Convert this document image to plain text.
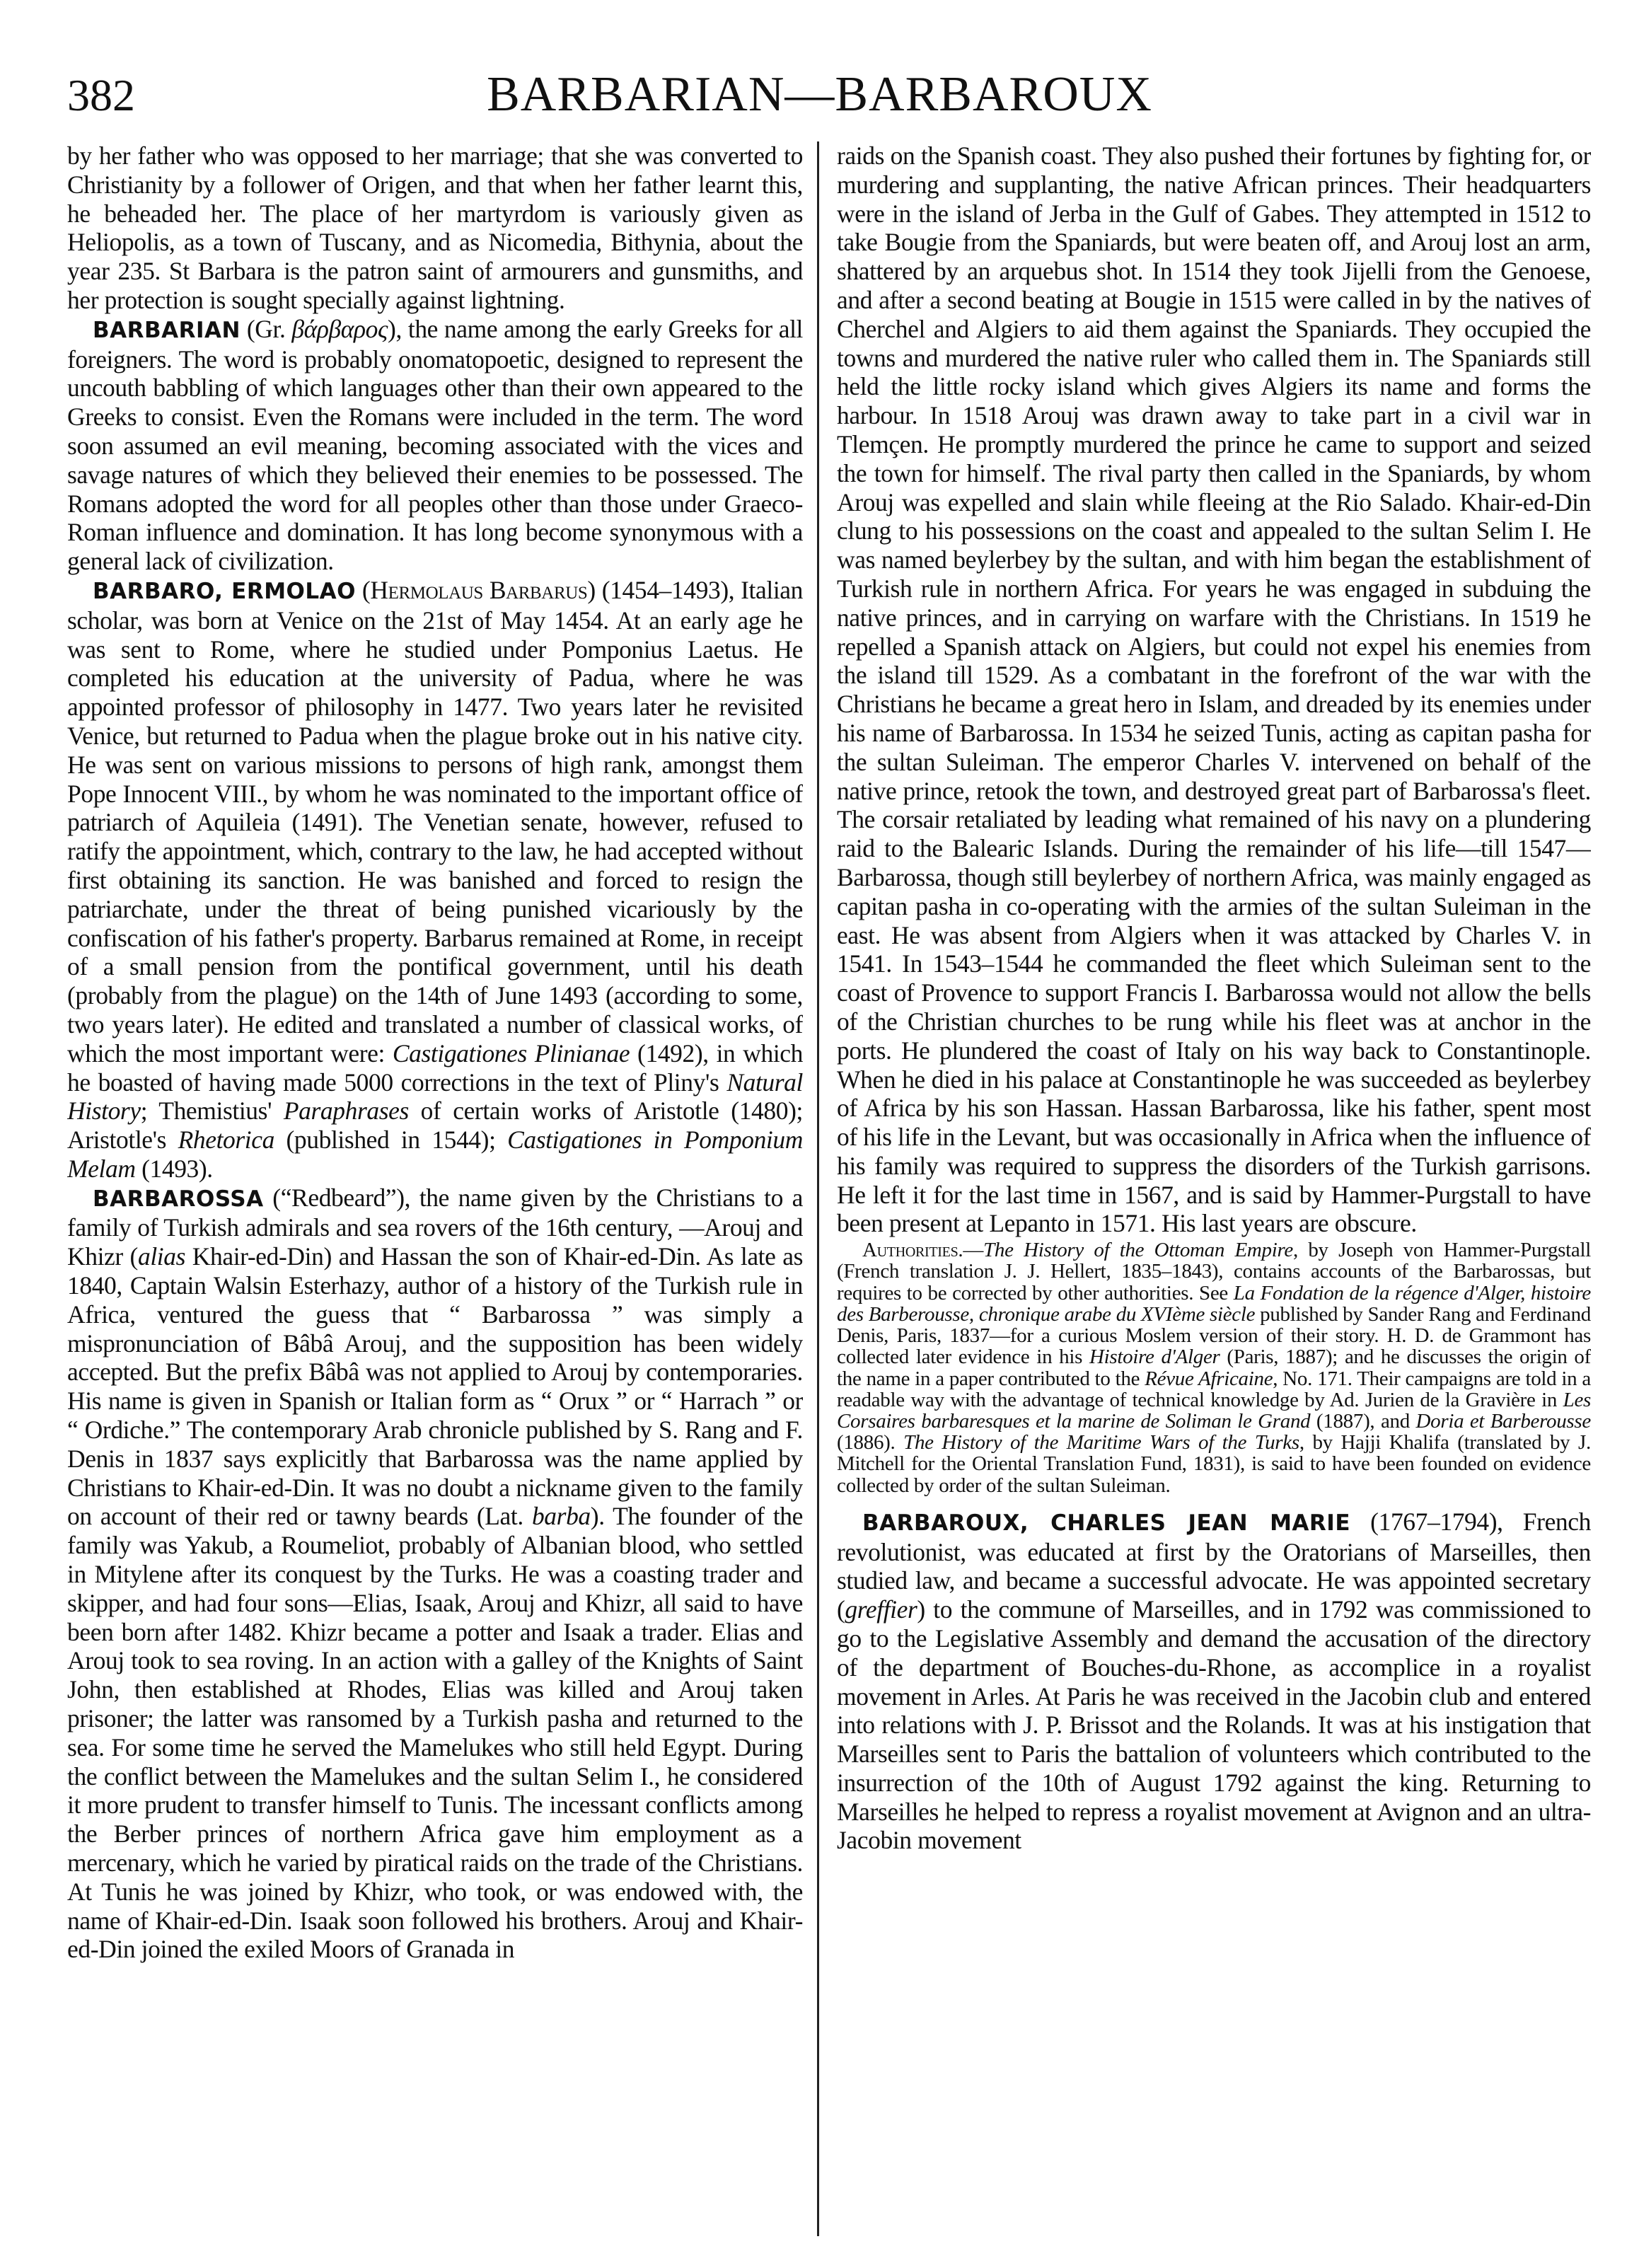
382	BARBARIAN—BARBAROUX

by her father who was opposed to her marriage; that she was converted to Christianity by a follower of Origen, and that when her father learnt this, he beheaded her. The place of her martyrdom is variously given as Heliopolis, as a town of Tuscany, and as Nicomedia, Bithynia, about the year 235. St Barbara is the patron saint of armourers and gunsmiths, and her protection is sought specially against lightning.

BARBARIAN (Gr. βάρβαρος), the name among the early Greeks for all foreigners. The word is probably onomatopoetic, designed to represent the uncouth babbling of which languages other than their own appeared to the Greeks to consist. Even the Romans were included in the term. The word soon assumed an evil meaning, becoming associated with the vices and savage natures of which they believed their enemies to be possessed. The Romans adopted the word for all peoples other than those under Graeco-Roman influence and domination. It has long become synonymous with a general lack of civilization.

BARBARO, ERMOLAO (Hermolaus Barbarus) (1454–1493), Italian scholar, was born at Venice on the 21st of May 1454. At an early age he was sent to Rome, where he studied under Pomponius Laetus. He completed his education at the university of Padua, where he was appointed professor of philosophy in 1477. Two years later he revisited Venice, but returned to Padua when the plague broke out in his native city. He was sent on various missions to persons of high rank, amongst them Pope Innocent VIII., by whom he was nominated to the important office of patriarch of Aquileia (1491). The Venetian senate, however, refused to ratify the appointment, which, contrary to the law, he had accepted without first obtaining its sanction. He was banished and forced to resign the patriarchate, under the threat of being punished vicariously by the confiscation of his father's property. Barbarus remained at Rome, in receipt of a small pension from the pontifical government, until his death (probably from the plague) on the 14th of June 1493 (according to some, two years later). He edited and translated a number of classical works, of which the most important were: Castigationes Plinianae (1492), in which he boasted of having made 5000 corrections in the text of Pliny's Natural History; Themistius' Paraphrases of certain works of Aristotle (1480); Aristotle's Rhetorica (published in 1544); Castigationes in Pomponium Melam (1493).

BARBAROSSA (“Redbeard”), the name given by the Christians to a family of Turkish admirals and sea rovers of the 16th century, —Arouj and Khizr (alias Khair-ed-Din) and Hassan the son of Khair-ed-Din. As late as 1840, Captain Walsin Esterhazy, author of a history of the Turkish rule in Africa, ventured the guess that “ Barbarossa ” was simply a mispronunciation of Bâbâ Arouj, and the supposition has been widely accepted. But the prefix Bâbâ was not applied to Arouj by contemporaries. His name is given in Spanish or Italian form as “ Orux ” or “ Harrach ” or “ Ordiche.” The contemporary Arab chronicle published by S. Rang and F. Denis in 1837 says explicitly that Barbarossa was the name applied by Christians to Khair-ed-Din. It was no doubt a nickname given to the family on account of their red or tawny beards (Lat. barba). The founder of the family was Yakub, a Roumeliot, probably of Albanian blood, who settled in Mitylene after its conquest by the Turks. He was a coasting trader and skipper, and had four sons—Elias, Isaak, Arouj and Khizr, all said to have been born after 1482. Khizr became a potter and Isaak a trader. Elias and Arouj took to sea roving. In an action with a galley of the Knights of Saint John, then established at Rhodes, Elias was killed and Arouj taken prisoner; the latter was ransomed by a Turkish pasha and returned to the sea. For some time he served the Mamelukes who still held Egypt. During the conflict between the Mamelukes and the sultan Selim I., he considered it more prudent to transfer himself to Tunis. The incessant conflicts among the Berber princes of northern Africa gave him employment as a mercenary, which he varied by piratical raids on the trade of the Christians. At Tunis he was joined by Khizr, who took, or was endowed with, the name of Khair-ed-Din. Isaak soon followed his brothers. Arouj and Khair-ed-Din joined the exiled Moors of Granada in

raids on the Spanish coast. They also pushed their fortunes by fighting for, or murdering and supplanting, the native African princes. Their headquarters were in the island of Jerba in the Gulf of Gabes. They attempted in 1512 to take Bougie from the Spaniards, but were beaten off, and Arouj lost an arm, shattered by an arquebus shot. In 1514 they took Jijelli from the Genoese, and after a second beating at Bougie in 1515 were called in by the natives of Cherchel and Algiers to aid them against the Spaniards. They occupied the towns and murdered the native ruler who called them in. The Spaniards still held the little rocky island which gives Algiers its name and forms the harbour. In 1518 Arouj was drawn away to take part in a civil war in Tlemçen. He promptly murdered the prince he came to support and seized the town for himself. The rival party then called in the Spaniards, by whom Arouj was expelled and slain while fleeing at the Rio Salado. Khair-ed-Din clung to his possessions on the coast and appealed to the sultan Selim I. He was named beylerbey by the sultan, and with him began the establishment of Turkish rule in northern Africa. For years he was engaged in subduing the native princes, and in carrying on warfare with the Christians. In 1519 he repelled a Spanish attack on Algiers, but could not expel his enemies from the island till 1529. As a combatant in the forefront of the war with the Christians he became a great hero in Islam, and dreaded by its enemies under his name of Barbarossa. In 1534 he seized Tunis, acting as capitan pasha for the sultan Suleiman. The emperor Charles V. intervened on behalf of the native prince, retook the town, and destroyed great part of Barbarossa's fleet. The corsair retaliated by leading what remained of his navy on a plundering raid to the Balearic Islands. During the remainder of his life—till 1547—Barbarossa, though still beylerbey of northern Africa, was mainly engaged as capitan pasha in co-operating with the armies of the sultan Suleiman in the east. He was absent from Algiers when it was attacked by Charles V. in 1541. In 1543–1544 he commanded the fleet which Suleiman sent to the coast of Provence to support Francis I. Barbarossa would not allow the bells of the Christian churches to be rung while his fleet was at anchor in the ports. He plundered the coast of Italy on his way back to Constantinople. When he died in his palace at Constantinople he was succeeded as beylerbey of Africa by his son Hassan. Hassan Barbarossa, like his father, spent most of his life in the Levant, but was occasionally in Africa when the influence of his family was required to suppress the disorders of the Turkish garrisons. He left it for the last time in 1567, and is said by Hammer-Purgstall to have been present at Lepanto in 1571. His last years are obscure.

Authorities.—The History of the Ottoman Empire, by Joseph von Hammer-Purgstall (French translation J. J. Hellert, 1835–1843), contains accounts of the Barbarossas, but requires to be corrected by other authorities. See La Fondation de la régence d'Alger, histoire des Barberousse, chronique arabe du XVIème siècle published by Sander Rang and Ferdinand Denis, Paris, 1837—for a curious Moslem version of their story. H. D. de Grammont has collected later evidence in his Histoire d'Alger (Paris, 1887); and he discusses the origin of the name in a paper contributed to the Révue Africaine, No. 171. Their campaigns are told in a readable way with the advantage of technical knowledge by Ad. Jurien de la Gravière in Les Corsaires barbaresques et la marine de Soliman le Grand (1887), and Doria et Barberousse (1886). The History of the Maritime Wars of the Turks, by Hajji Khalifa (translated by J. Mitchell for the Oriental Translation Fund, 1831), is said to have been founded on evidence collected by order of the sultan Suleiman.

BARBAROUX, CHARLES JEAN MARIE (1767–1794), French revolutionist, was educated at first by the Oratorians of Marseilles, then studied law, and became a successful advocate. He was appointed secretary (greffier) to the commune of Marseilles, and in 1792 was commissioned to go to the Legislative Assembly and demand the accusation of the directory of the department of Bouches-du-Rhone, as accomplice in a royalist movement in Arles. At Paris he was received in the Jacobin club and entered into relations with J. P. Brissot and the Rolands. It was at his instigation that Marseilles sent to Paris the battalion of volunteers which contributed to the insurrection of the 10th of August 1792 against the king. Returning to Marseilles he helped to repress a royalist movement at Avignon and an ultra-Jacobin movement
